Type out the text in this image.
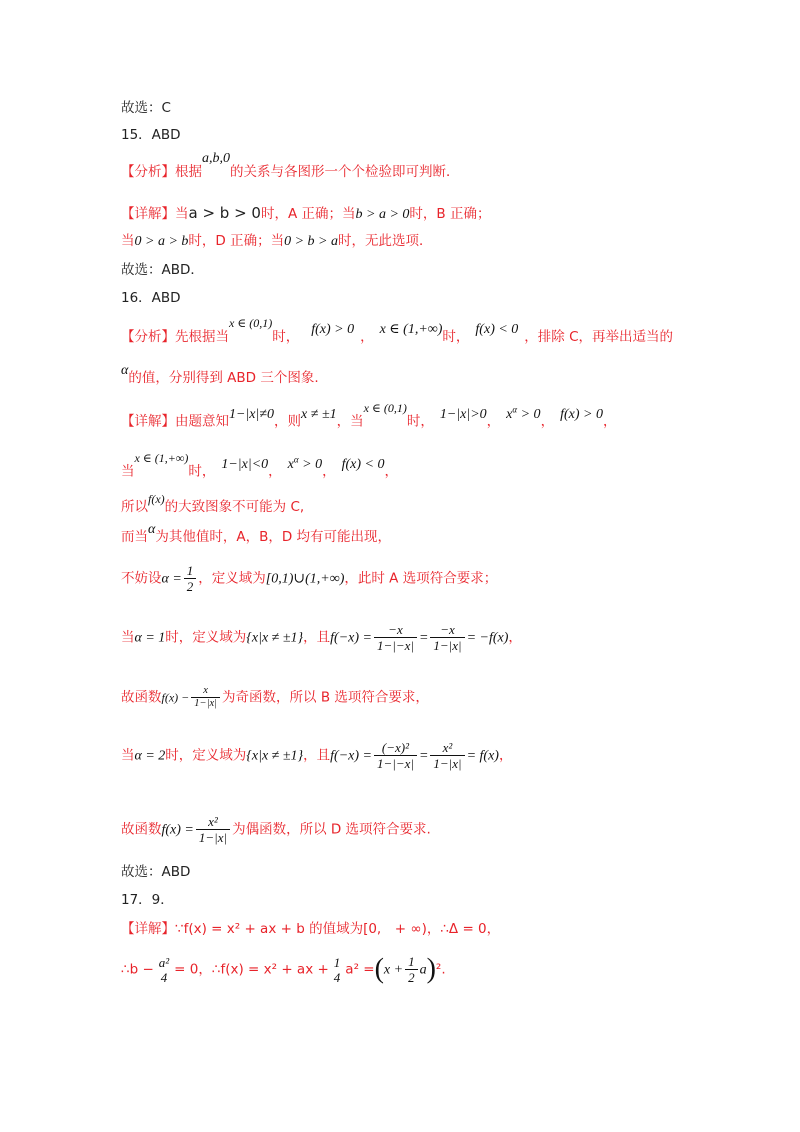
故选：C
15．ABD
【分析】根据a,b,0的关系与各图形一个个检验即可判断．
【详解】当a > b > 0时，A 正确；当b > a > 0时，B 正确；
当0 > a > b时，D 正确；当0 > b > a时，无此选项．
故选：ABD．
16．ABD
【分析】先根据当x ∈ (0,1)时， f(x) > 0 ， x ∈ (1,+∞)时， f(x) < 0 ，排除 C，再举出适当的
α的值，分别得到 ABD 三个图象.
【详解】由题意知1−|x|≠0，则x ≠ ±1，当x ∈ (0,1)时， 1−|x|>0， $x^\alpha > 0$， f(x) > 0，
当x ∈ (1,+∞)时， 1−|x|<0， $x^\alpha > 0$， f(x) < 0，
所以f(x)的大致图象不可能为 C,
而当α为其他值时，A，B，D 均有可能出现，
不妨设$\alpha = \frac{1}{2}$ ，定义域为[0,1)∪(1,+∞)，此时 A 选项符合要求；
当α = 1时，定义域为{x|x ≠ ±1}，且$f(-x) = \frac{-x}{1-|-x|} = \frac{-x}{1-|x|} = -f(x)$，
故函数$f(x) - \frac{x}{1-|x|}$ 为奇函数，所以 B 选项符合要求，
当α = 2时，定义域为{x|x ≠ ±1}，且$f(-x) = \frac{\text{(−x)²}}{1-|-x|} = \frac{\text{x²}}{1-|x|} = f(x)$，
故函数$f(x) = \frac{\text{x²}}{1-|x|}$ 为偶函数，所以 D 选项符合要求.
故选：ABD
17．9．
【详解】∵f(x) = x² + ax + b 的值域为[0,　+ ∞)，∴Δ = 0，
∴b − a²
4 = 0，∴f(x) = x² + ax + 1
4 $a^2 =(x + \frac{1}{2} a)^2$.
